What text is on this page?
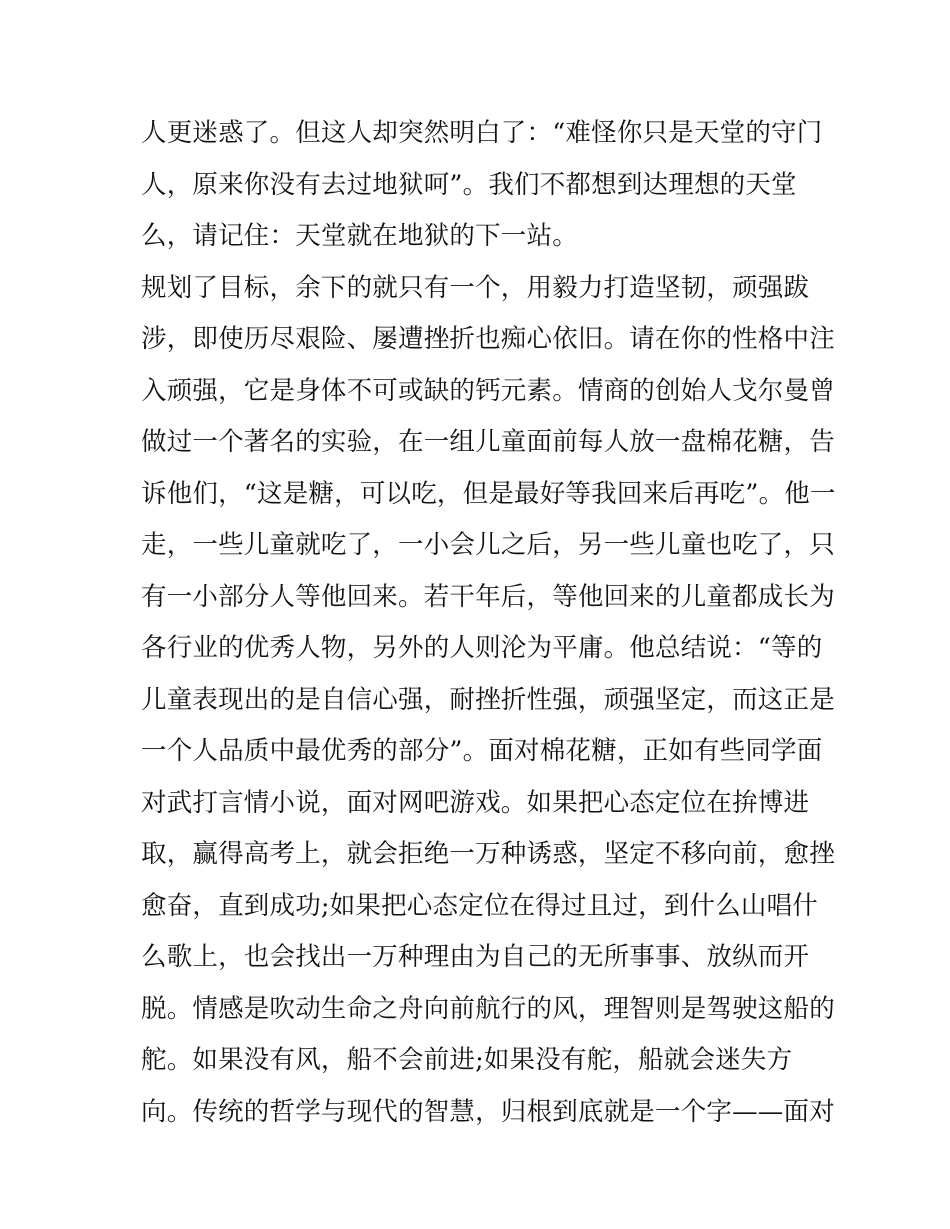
人更迷惑了。但这人却突然明白了：“难怪你只是天堂的守门
人，原来你没有去过地狱呵”。我们不都想到达理想的天堂
么，请记住：天堂就在地狱的下一站。
规划了目标，余下的就只有一个，用毅力打造坚韧，顽强跋
涉，即使历尽艰险、屡遭挫折也痴心依旧。请在你的性格中注
入顽强，它是身体不可或缺的钙元素。情商的创始人戈尔曼曾
做过一个著名的实验，在一组儿童面前每人放一盘棉花糖，告
诉他们，“这是糖，可以吃，但是最好等我回来后再吃”。他一
走，一些儿童就吃了，一小会儿之后，另一些儿童也吃了，只
有一小部分人等他回来。若干年后，等他回来的儿童都成长为
各行业的优秀人物，另外的人则沦为平庸。他总结说：“等的
儿童表现出的是自信心强，耐挫折性强，顽强坚定，而这正是
一个人品质中最优秀的部分”。面对棉花糖，正如有些同学面
对武打言情小说，面对网吧游戏。如果把心态定位在拚博进
取，赢得高考上，就会拒绝一万种诱惑，坚定不移向前，愈挫
愈奋，直到成功;如果把心态定位在得过且过，到什么山唱什
么歌上，也会找出一万种理由为自己的无所事事、放纵而开
脱。情感是吹动生命之舟向前航行的风，理智则是驾驶这船的
舵。如果没有风，船不会前进;如果没有舵，船就会迷失方
向。传统的哲学与现代的智慧，归根到底就是一个字——面对
